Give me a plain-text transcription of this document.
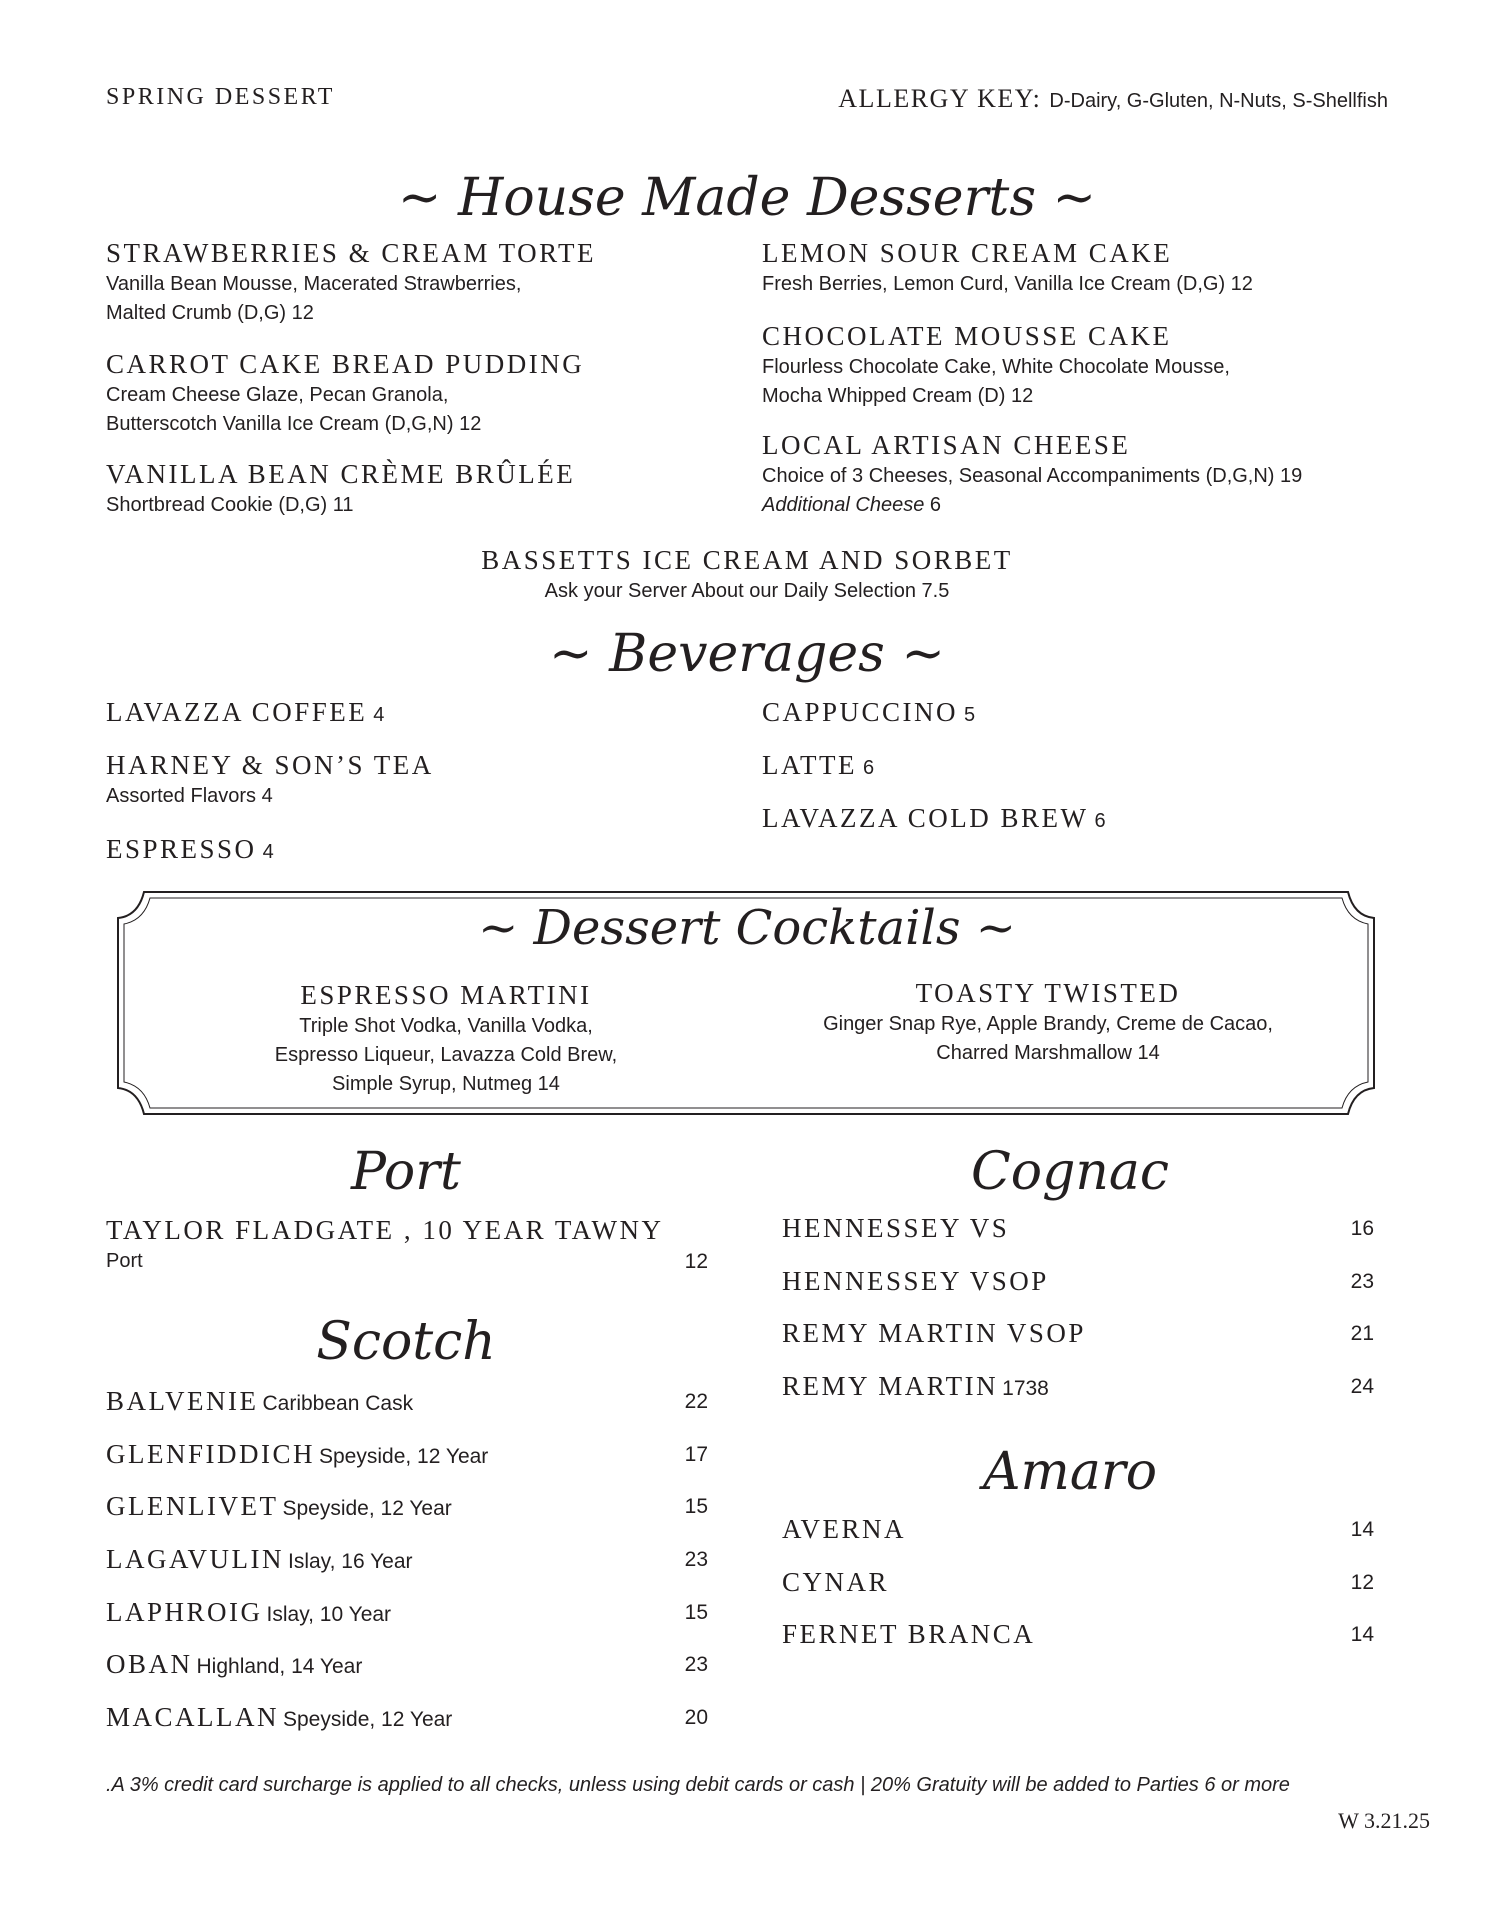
SPRING DESSERT	ALLERGY KEY: D-Dairy, G-Gluten, N-Nuts, S-Shellfish
~ House Made Desserts ~
STRAWBERRIES & CREAM TORTE
Vanilla Bean Mousse, Macerated Strawberries,
Malted Crumb (D,G) 12
CARROT CAKE BREAD PUDDING
Cream Cheese Glaze, Pecan Granola,
Butterscotch Vanilla Ice Cream (D,G,N) 12
VANILLA BEAN CRÈME BRÛLÉE
Shortbread Cookie (D,G) 11
LEMON SOUR CREAM CAKE
Fresh Berries, Lemon Curd, Vanilla Ice Cream (D,G) 12
CHOCOLATE MOUSSE CAKE
Flourless Chocolate Cake, White Chocolate Mousse,
Mocha Whipped Cream (D) 12
LOCAL ARTISAN CHEESE
Choice of 3 Cheeses, Seasonal Accompaniments (D,G,N) 19
Additional Cheese 6
BASSETTS ICE CREAM AND SORBET
Ask your Server About our Daily Selection 7.5
~ Beverages ~
LAVAZZA COFFEE 4
HARNEY & SON’S TEA
Assorted Flavors 4
ESPRESSO 4
CAPPUCCINO 5
LATTE 6
LAVAZZA COLD BREW 6
~ Dessert Cocktails ~
ESPRESSO MARTINI
Triple Shot Vodka, Vanilla Vodka,
Espresso Liqueur, Lavazza Cold Brew,
Simple Syrup, Nutmeg 14
TOASTY TWISTED
Ginger Snap Rye, Apple Brandy, Creme de Cacao,
Charred Marshmallow 14
Port
TAYLOR FLADGATE , 10 YEAR TAWNY
Port	12
Scotch
BALVENIE Caribbean Cask	22
GLENFIDDICH Speyside, 12 Year	17
GLENLIVET Speyside, 12 Year	15
LAGAVULIN Islay, 16 Year	23
LAPHROIG Islay, 10 Year	15
OBAN Highland, 14 Year	23
MACALLAN Speyside, 12 Year	20
Cognac
HENNESSEY VS	16
HENNESSEY VSOP	23
REMY MARTIN VSOP	21
REMY MARTIN 1738	24
Amaro
AVERNA	14
CYNAR	12
FERNET BRANCA	14
.A 3% credit card surcharge is applied to all checks, unless using debit cards or cash | 20% Gratuity will be added to Parties 6 or more
W 3.21.25
